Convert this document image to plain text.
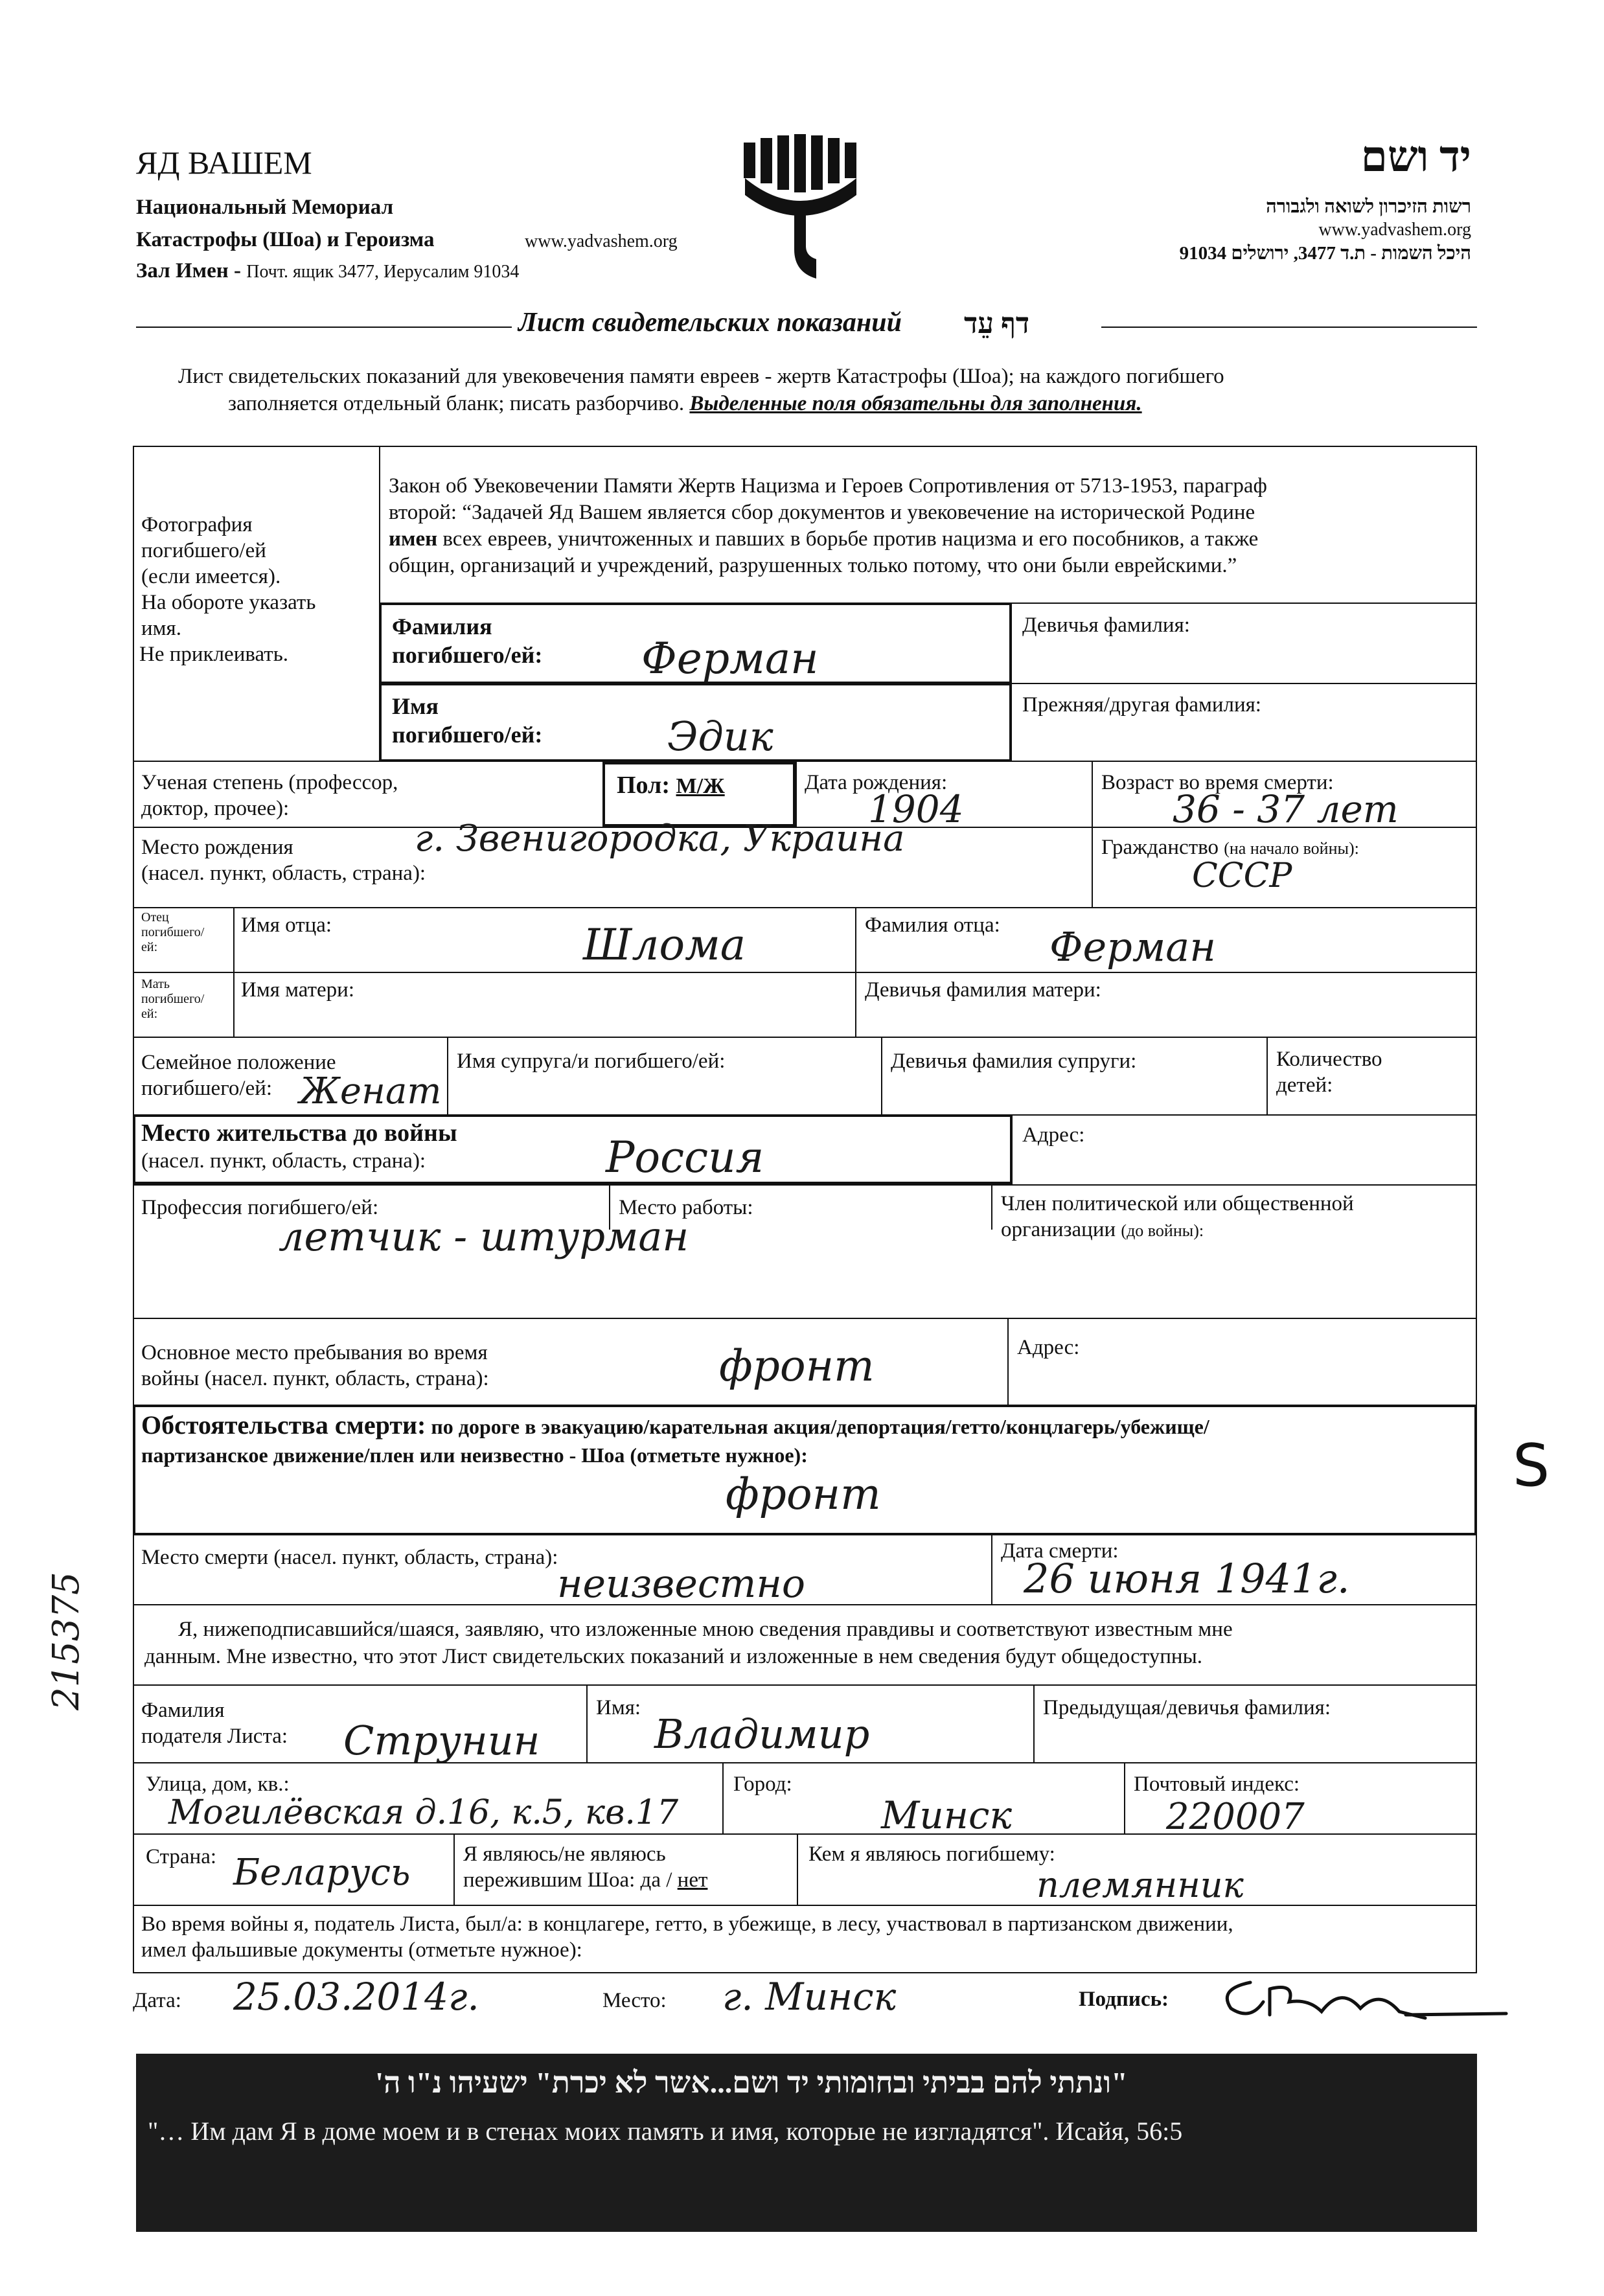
ЯД ВАШЕМ
Национальный Мемориал
Катастрофы (Шоа) и Героизма	www.yadvashem.org
Зал Имен - Почт. ящик 3477, Иерусалим 91034
יד ושם
רשות הזיכרון לשואה ולגבורה
www.yadvashem.org
היכל השמות - ת.ד 3477, ירושלים 91034
Лист свидетельских показаний דף עֵד
Лист свидетельских показаний для увековечения памяти евреев - жертв Катастрофы (Шоа); на каждого погибшего
заполняется отдельный бланк; писать разборчиво. Выделенные поля обязательны для заполнения.
Фотография
погибшего/ей
(если имеется).
На обороте указать
имя.
Не приклеивать.
Закон об Увековечении Памяти Жертв Нацизма и Героев Сопротивления от 5713-1953, параграф
второй: “Задачей Яд Вашем является сбор документов и увековечение на исторической Родине
имен всех евреев, уничтоженных и павших в борьбе против нацизма и его пособников, а также
общин, организаций и учреждений, разрушенных только потому, что они были еврейскими.”
Фамилия
погибшего/ей: Ферман
Девичья фамилия:
Имя
погибшего/ей:	Эдик
Прежняя/другая фамилия:
Ученая степень (профессор,
доктор, прочее):
Пол: М/Ж	Дата рождения:
1904
Возраст во время смерти:
36 - 37 лет
Место рождения
(насел. пункт, область, страна):
г. Звенигородка, Украина	Гражданство (на начало войны):
СССР
Отец
погибшего/
ей:
Имя отца:	Шлома	Фамилия отца: Ферман
Мать
погибшего/
ей:
Имя матери:	Девичья фамилия матери:
Семейное положение
погибшего/ей: Женат
Имя супруга/и погибшего/ей:	Девичья фамилия супруги:	Количество
детей:
Место жительства до войны
(насел. пункт, область, страна):	Россия	Адрес:
Профессия погибшего/ей:
летчик - штурман
Место работы:	Член политической или общественной
организации (до войны):
Основное место пребывания во время
войны (насел. пункт, область, страна):	фронт	Адрес:
Обстоятельства смерти: по дороге в эвакуацию/карательная акция/депортация/гетто/концлагерь/убежище/
партизанское движение/плен или неизвестно - Шоа (отметьте нужное):
фронт
Место смерти (насел. пункт, область, страна):
неизвестно
Дата смерти:
26 июня 1941г.
Я, нижеподписавшийся/шаяся, заявляю, что изложенные мною сведения правдивы и соответствуют известным мне
данным. Мне известно, что этот Лист свидетельских показаний и изложенные в нем сведения будут общедоступны.
Фамилия
подателя Листа: Струнин
Имя:
Владимир
Предыдущая/девичья фамилия:
Улица, дом, кв.:
Могилёвская д.16, к.5, кв.17
Город:
Минск
Почтовый индекс:
220007
Страна: Беларусь Я являюсь/не являюсь
пережившим Шоа: да / нет
Кем я являюсь погибшему:
племянник
Во время войны я, податель Листа, был/а: в концлагере, гетто, в убежище, в лесу, участвовал в партизанском движении,
имел фальшивые документы (отметьте нужное):
Дата: 25.03.2014г.	Место: г. Минск	Подпись:
"ונתתי להם בביתי ובחומותי יד ושם...אשר לא יכרת" ישעיהו נ"ו ה'
"… Им дам Я в доме моем и в стенах моих память и имя, которые не изгладятся". Исайя, 56:5
215375
S
